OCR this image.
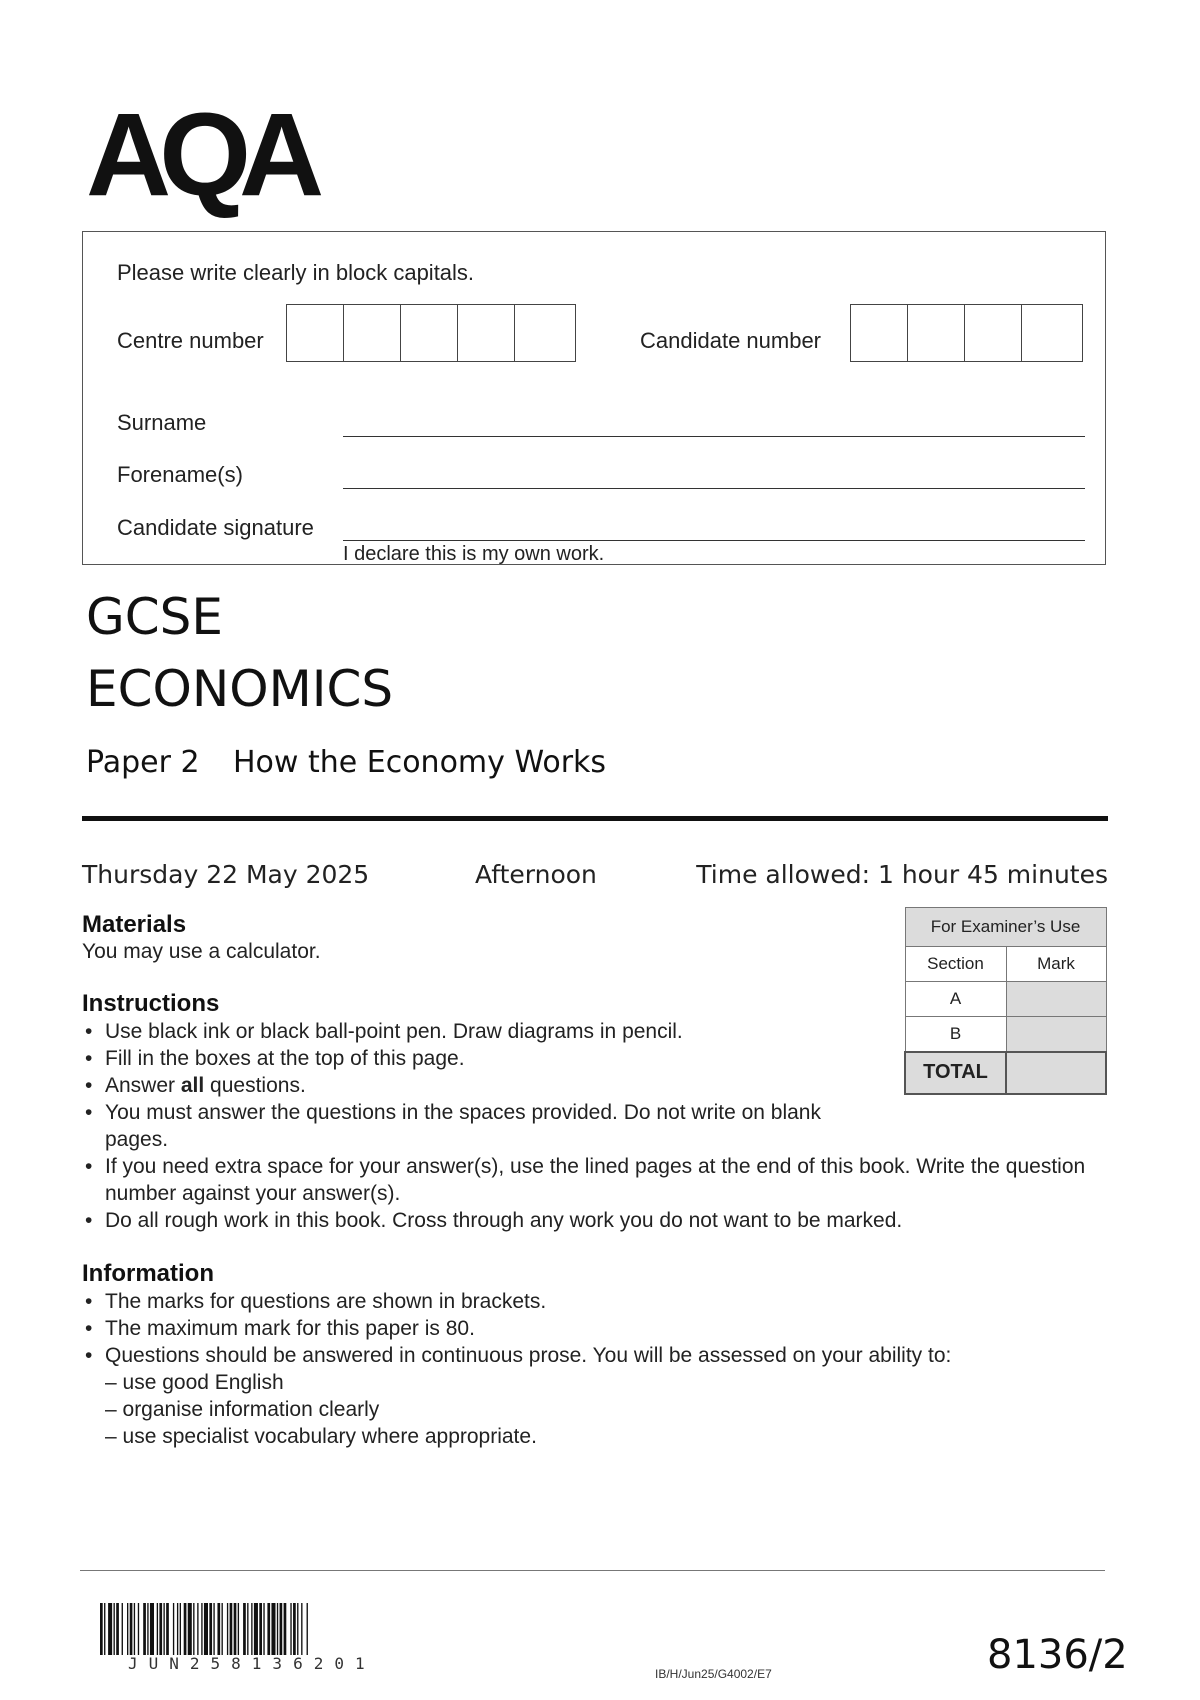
AQA
Please write clearly in block capitals.
Centre number	Candidate number
Surname
Forename(s)
Candidate signature
I declare this is my own work.
GCSE
ECONOMICS
Paper 2 How the Economy Works
Thursday 22 May 2025	Afternoon	Time allowed: 1 hour 45 minutes
Materials
You may use a calculator.
Instructions
• Use black ink or black ball-point pen. Draw diagrams in pencil.
• Fill in the boxes at the top of this page.
• Answer all questions.
• You must answer the questions in the spaces provided. Do not write on blank pages.
• If you need extra space for your answer(s), use the lined pages at the end of this book. Write the question number against your answer(s).
• Do all rough work in this book. Cross through any work you do not want to be marked.
Information
• The marks for questions are shown in brackets.
• The maximum mark for this paper is 80.
• Questions should be answered in continuous prose. You will be assessed on your ability to:
– use good English
– organise information clearly
– use specialist vocabulary where appropriate.
For Examiner’s Use	
Section	Mark
A	
B	
TOTAL	
JUN258136201
IB/H/Jun25/G4002/E7	8136/2
